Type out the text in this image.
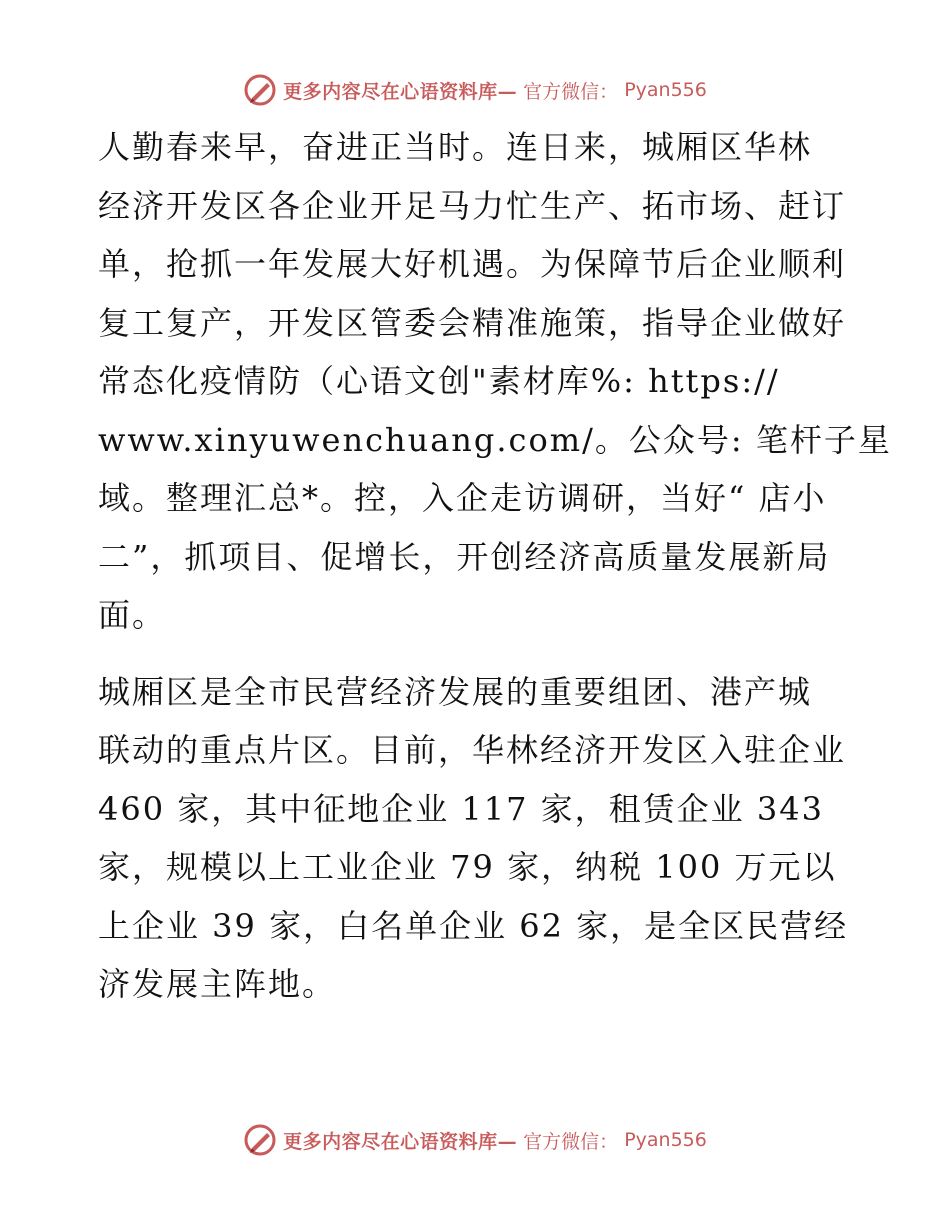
更多内容尽在心语资料库— 官方微信： Pyan556

人勤春来早，奋进正当时。连日来，城厢区华林
经济开发区各企业开足马力忙生产、拓市场、赶订
单，抢抓一年发展大好机遇。为保障节后企业顺利
复工复产，开发区管委会精准施策，指导企业做好
常态化疫情防（心语文创"素材库%: https://
www.xinyuwenchuang.com/。公众号: 笔杆子星
域。整理汇总*。控，入企走访调研，当好“ 店小
二”，抓项目、促增长，开创经济高质量发展新局
面。

城厢区是全市民营经济发展的重要组团、港产城
联动的重点片区。目前，华林经济开发区入驻企业
460 家，其中征地企业 117 家，租赁企业 343
家，规模以上工业企业 79 家，纳税 100 万元以
上企业 39 家，白名单企业 62 家，是全区民营经
济发展主阵地。

更多内容尽在心语资料库— 官方微信： Pyan556
